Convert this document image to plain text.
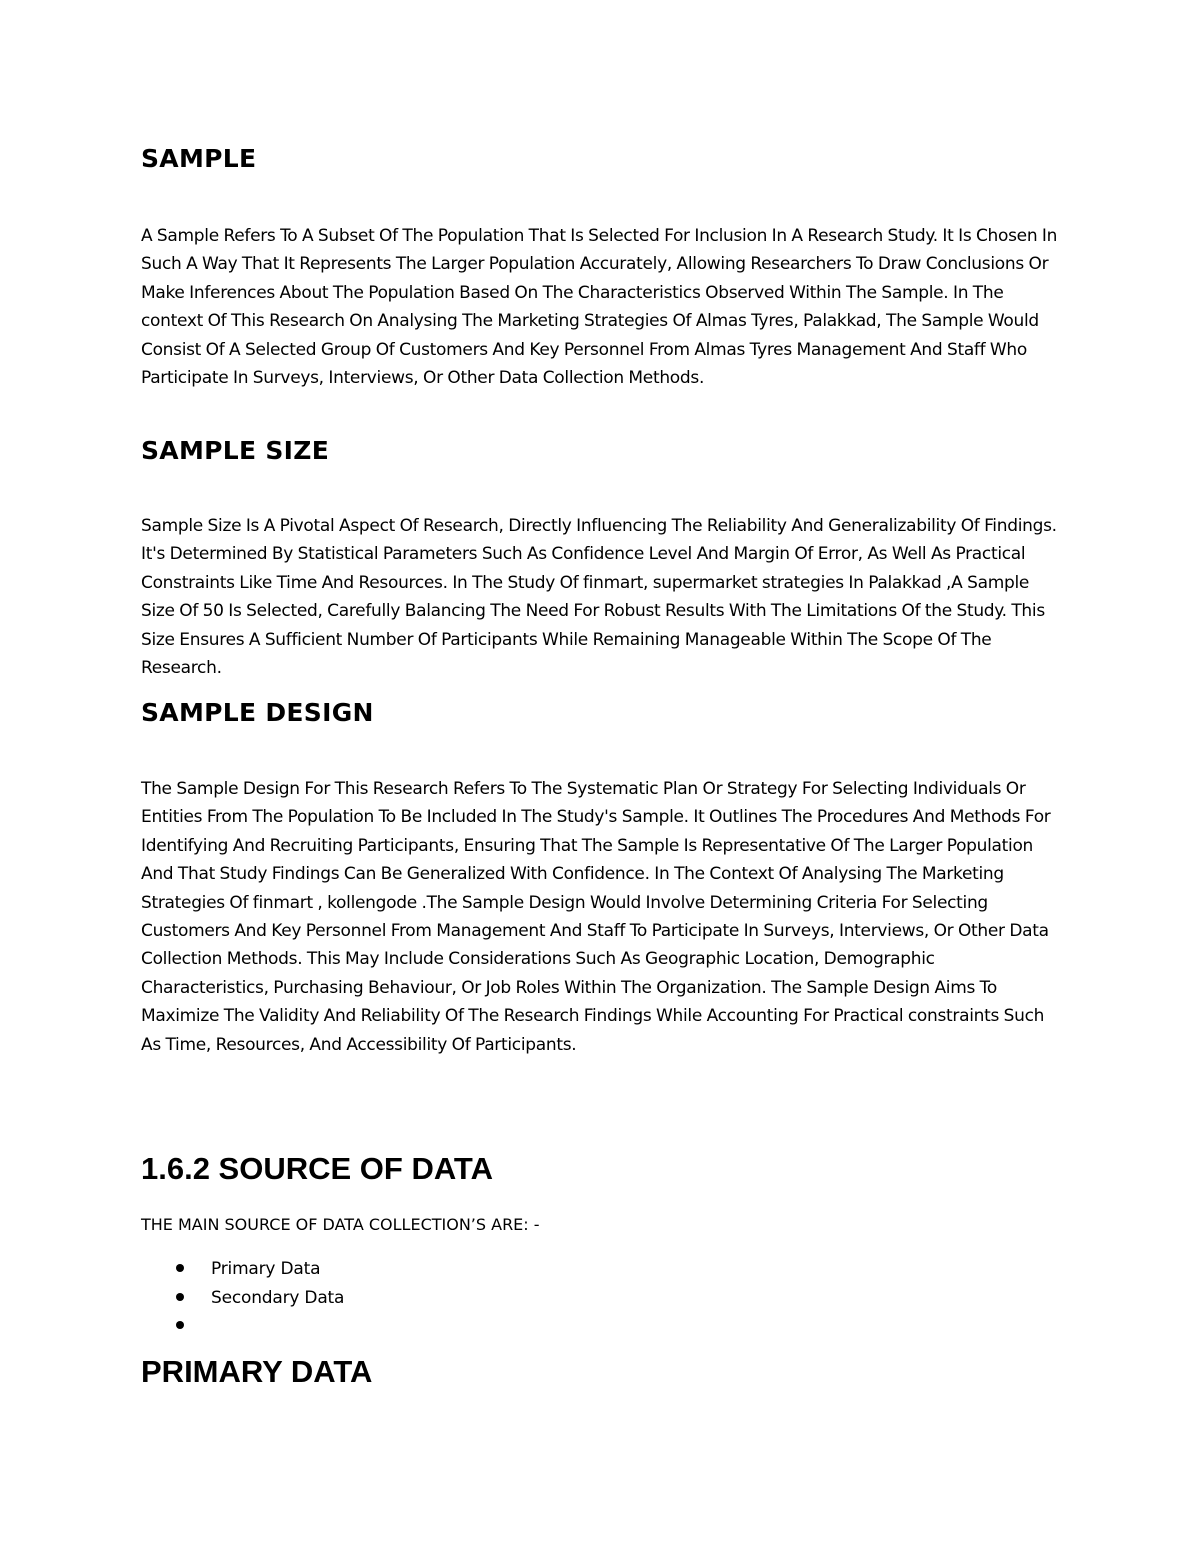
SAMPLE

A Sample Refers To A Subset Of The Population That Is Selected For Inclusion In A Research Study. It Is Chosen In Such A Way That It Represents The Larger Population Accurately, Allowing Researchers To Draw Conclusions Or Make Inferences About The Population Based On The Characteristics Observed Within The Sample. In The context Of This Research On Analysing The Marketing Strategies Of Almas Tyres, Palakkad, The Sample Would Consist Of A Selected Group Of Customers And Key Personnel From Almas Tyres Management And Staff Who Participate In Surveys, Interviews, Or Other Data Collection Methods.

SAMPLE SIZE

Sample Size Is A Pivotal Aspect Of Research, Directly Influencing The Reliability And Generalizability Of Findings. It's Determined By Statistical Parameters Such As Confidence Level And Margin Of Error, As Well As Practical Constraints Like Time And Resources. In The Study Of finmart, supermarket strategies In Palakkad ,A Sample Size Of 50 Is Selected, Carefully Balancing The Need For Robust Results With The Limitations Of the Study. This Size Ensures A Sufficient Number Of Participants While Remaining Manageable Within The Scope Of The Research.

SAMPLE DESIGN

The Sample Design For This Research Refers To The Systematic Plan Or Strategy For Selecting Individuals Or Entities From The Population To Be Included In The Study's Sample. It Outlines The Procedures And Methods For Identifying And Recruiting Participants, Ensuring That The Sample Is Representative Of The Larger Population And That Study Findings Can Be Generalized With Confidence. In The Context Of Analysing The Marketing Strategies Of finmart , kollengode .The Sample Design Would Involve Determining Criteria For Selecting Customers And Key Personnel From Management And Staff To Participate In Surveys, Interviews, Or Other Data Collection Methods. This May Include Considerations Such As Geographic Location, Demographic Characteristics, Purchasing Behaviour, Or Job Roles Within The Organization. The Sample Design Aims To Maximize The Validity And Reliability Of The Research Findings While Accounting For Practical constraints Such As Time, Resources, And Accessibility Of Participants.

1.6.2 SOURCE OF DATA

THE MAIN SOURCE OF DATA COLLECTION’S ARE: -

Primary Data
Secondary Data
PRIMARY DATA
